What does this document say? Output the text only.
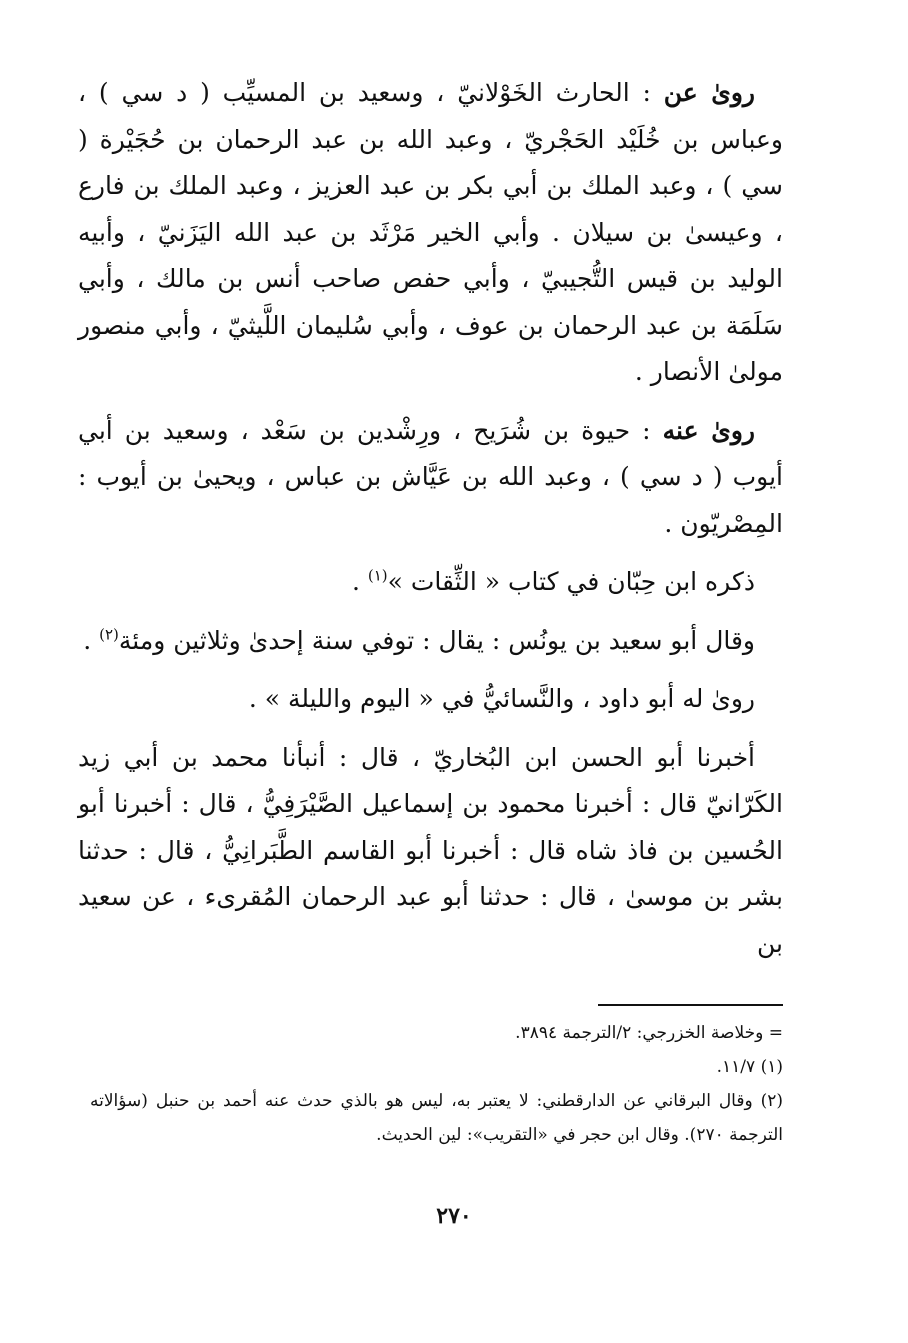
روىٰ عن : الحارث الخَوْلانيّ ، وسعيد بن المسيِّب ( د سي ) ، وعباس بن خُلَيْد الحَجْريّ ، وعبد الله بن عبد الرحمان بن حُجَيْرة ( سي ) ، وعبد الملك بن أبي بكر بن عبد العزيز ، وعبد الملك بن فارع ، وعيسىٰ بن سيلان . وأبي الخير مَرْثَد بن عبد الله اليَزَنيّ ، وأبيه الوليد بن قيس التُّجيبيّ ، وأبي حفص صاحب أنس بن مالك ، وأبي سَلَمَة بن عبد الرحمان بن عوف ، وأبي سُليمان اللَّيثيّ ، وأبي منصور مولىٰ الأنصار .

روىٰ عنه : حيوة بن شُرَيح ، ورِشْدين بن سَعْد ، وسعيد بن أبي أيوب ( د سي ) ، وعبد الله بن عَيَّاش بن عباس ، ويحيىٰ بن أيوب : المِصْريّون .

ذكره ابن حِبّان في كتاب « الثِّقات »$^{(١)}$ .

وقال أبو سعيد بن يونُس : يقال : توفي سنة إحدىٰ وثلاثين ومئة$^{(٢)}$ .

روىٰ له أبو داود ، والنَّسائيُّ في « اليوم والليلة » .

أخبرنا أبو الحسن ابن البُخاريّ ، قال : أنبأنا محمد بن أبي زيد الكَرّانيّ قال : أخبرنا محمود بن إسماعيل الصَّيْرَفِيُّ ، قال : أخبرنا أبو الحُسين بن فاذ شاه قال : أخبرنا أبو القاسم الطَّبَرانِيُّ ، قال : حدثنا بشر بن موسىٰ ، قال : حدثنا أبو عبد الرحمان المُقرىء ، عن سعيد بن

= وخلاصة الخزرجي: ٢/الترجمة ٣٨٩٤.

(١) ١١/٧.

(٢) وقال البرقاني عن الدارقطني: لا يعتبر به، ليس هو بالذي حدث عنه أحمد بن حنبل (سؤالاته الترجمة ٢٧٠). وقال ابن حجر في «التقريب»: لين الحديث.

٢٧٠
